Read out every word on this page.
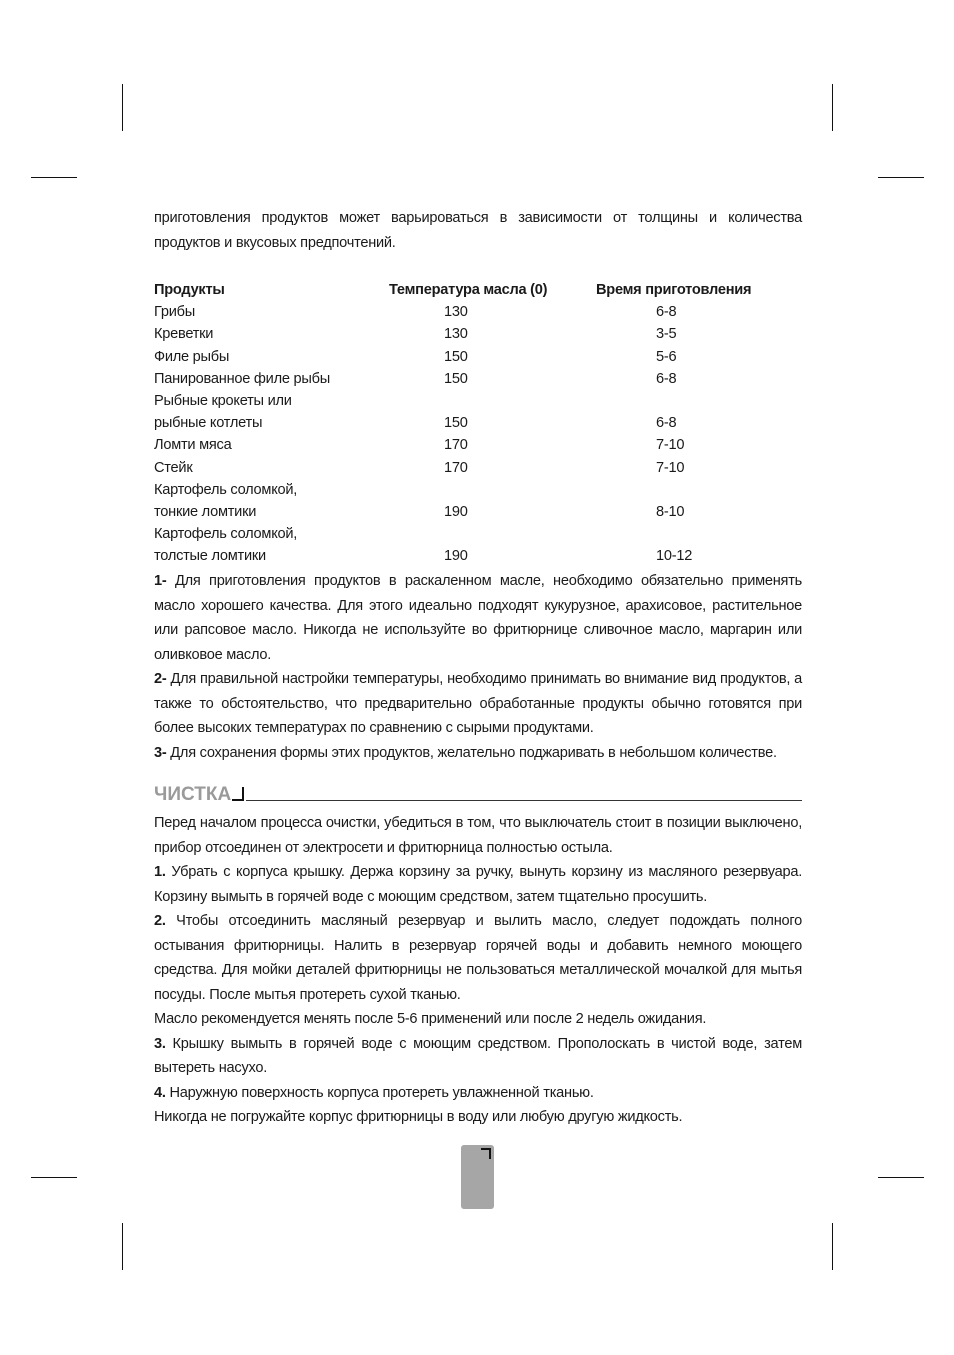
приготовления продуктов может варьироваться в зависимости от толщины и количества продуктов и вкусовых предпочтений.

Продукты	Температура масла (0)	Время приготовления
Грибы	130	6-8
Креветки	130	3-5
Филе рыбы	150	5-6
Панированное филе рыбы	150	6-8
Рыбные крокеты или
рыбные котлеты	150	6-8
Ломти мяса	170	7-10
Стейк	170	7-10
Картофель соломкой,
тонкие ломтики	190	8-10
Картофель соломкой,
толстые ломтики	190	10-12

1- Для приготовления продуктов в раскаленном масле, необходимо обязательно применять масло хорошего качества. Для этого идеально подходят кукурузное, арахисовое, растительное или рапсовое масло. Никогда не используйте во фритюрнице сливочное масло, маргарин или оливковое масло.

2- Для правильной настройки температуры, необходимо принимать во внимание вид продуктов, а также то обстоятельство, что предварительно обработанные продукты обычно готовятся при более высоких температурах по сравнению с сырыми продуктами.

3- Для сохранения формы этих продуктов, желательно поджаривать в небольшом количестве.

ЧИСТКА

Перед началом процесса очистки, убедиться в том, что выключатель стоит в позиции выключено, прибор отсоединен от электросети и фритюрница полностью остыла.

1. Убрать с корпуса крышку. Держа корзину за ручку, вынуть корзину из масляного резервуара. Корзину вымыть в горячей воде с моющим средством, затем тщательно просушить.

2. Чтобы отсоединить масляный резервуар и вылить масло, следует подождать полного остывания фритюрницы. Налить в резервуар горячей воды и добавить немного моющего средства. Для мойки деталей фритюрницы не пользоваться металлической мочалкой для мытья посуды. После мытья протереть сухой тканью.

Масло рекомендуется менять после 5-6 применений или после 2 недель ожидания.

3. Крышку вымыть в горячей воде с моющим средством. Прополоскать в чистой воде, затем вытереть насухо.

4. Наружную поверхность корпуса протереть увлажненной тканью.

Никогда не погружайте корпус фритюрницы в воду или любую другую жидкость.
